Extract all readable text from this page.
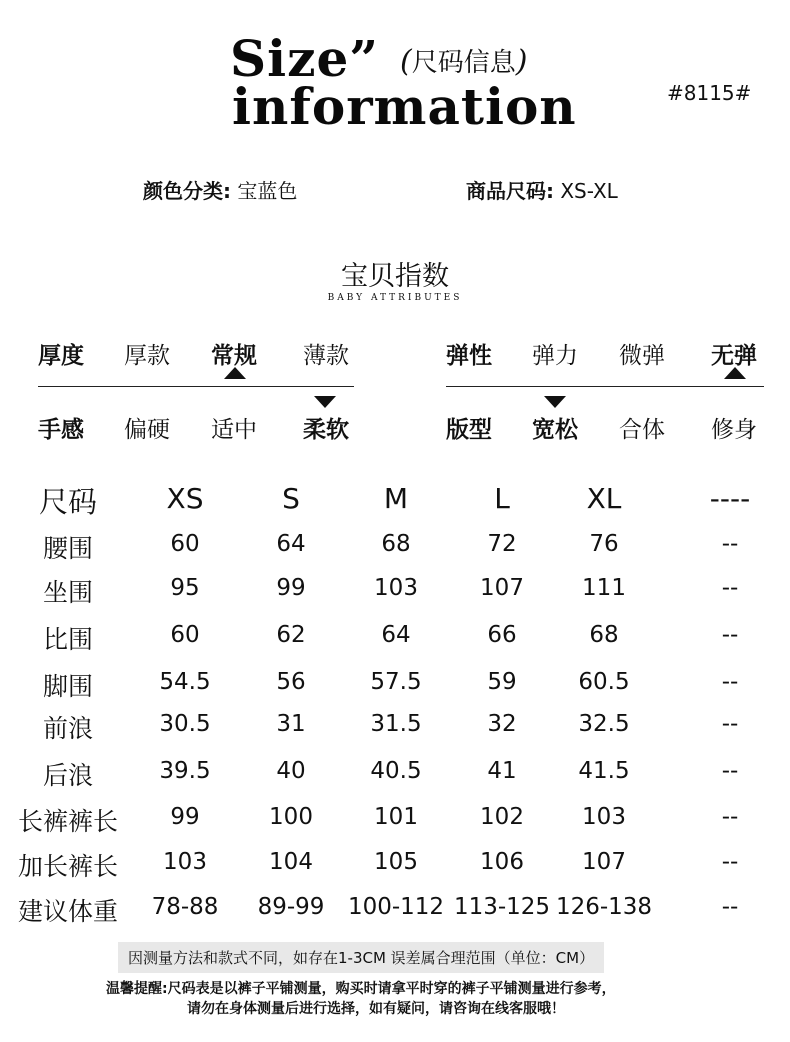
Size” (尺码信息)
information	#8115#
颜色分类: 宝蓝色	商品尺码: XS-XL
宝贝指数
BABY ATTRIBUTES
厚度 厚款 常规 薄款	弹性 弹力 微弹 无弹
手感 偏硬 适中 柔软	版型 宽松 合体 修身
尺码	XS	S	M	L	XL	----
腰围	60	64	68	72	76	--
坐围	95	99	103	107	111	--
比围	60	62	64	66	68	--
脚围	54.5	56	57.5	59	60.5	--
前浪	30.5	31	31.5	32	32.5	--
后浪	39.5	40	40.5	41	41.5	--
长裤裤长	99	100	101	102	103	--
加长裤长	103	104	105	106	107	--
建议体重	78-88	89-99	100-112 113-125 126-138	--
因测量方法和款式不同，如存在1-3CM 误差属合理范围（单位：CM）
温馨提醒:尺码表是以裤子平铺测量，购买时请拿平时穿的裤子平铺测量进行参考，
请勿在身体测量后进行选择，如有疑问，请咨询在线客服哦！
